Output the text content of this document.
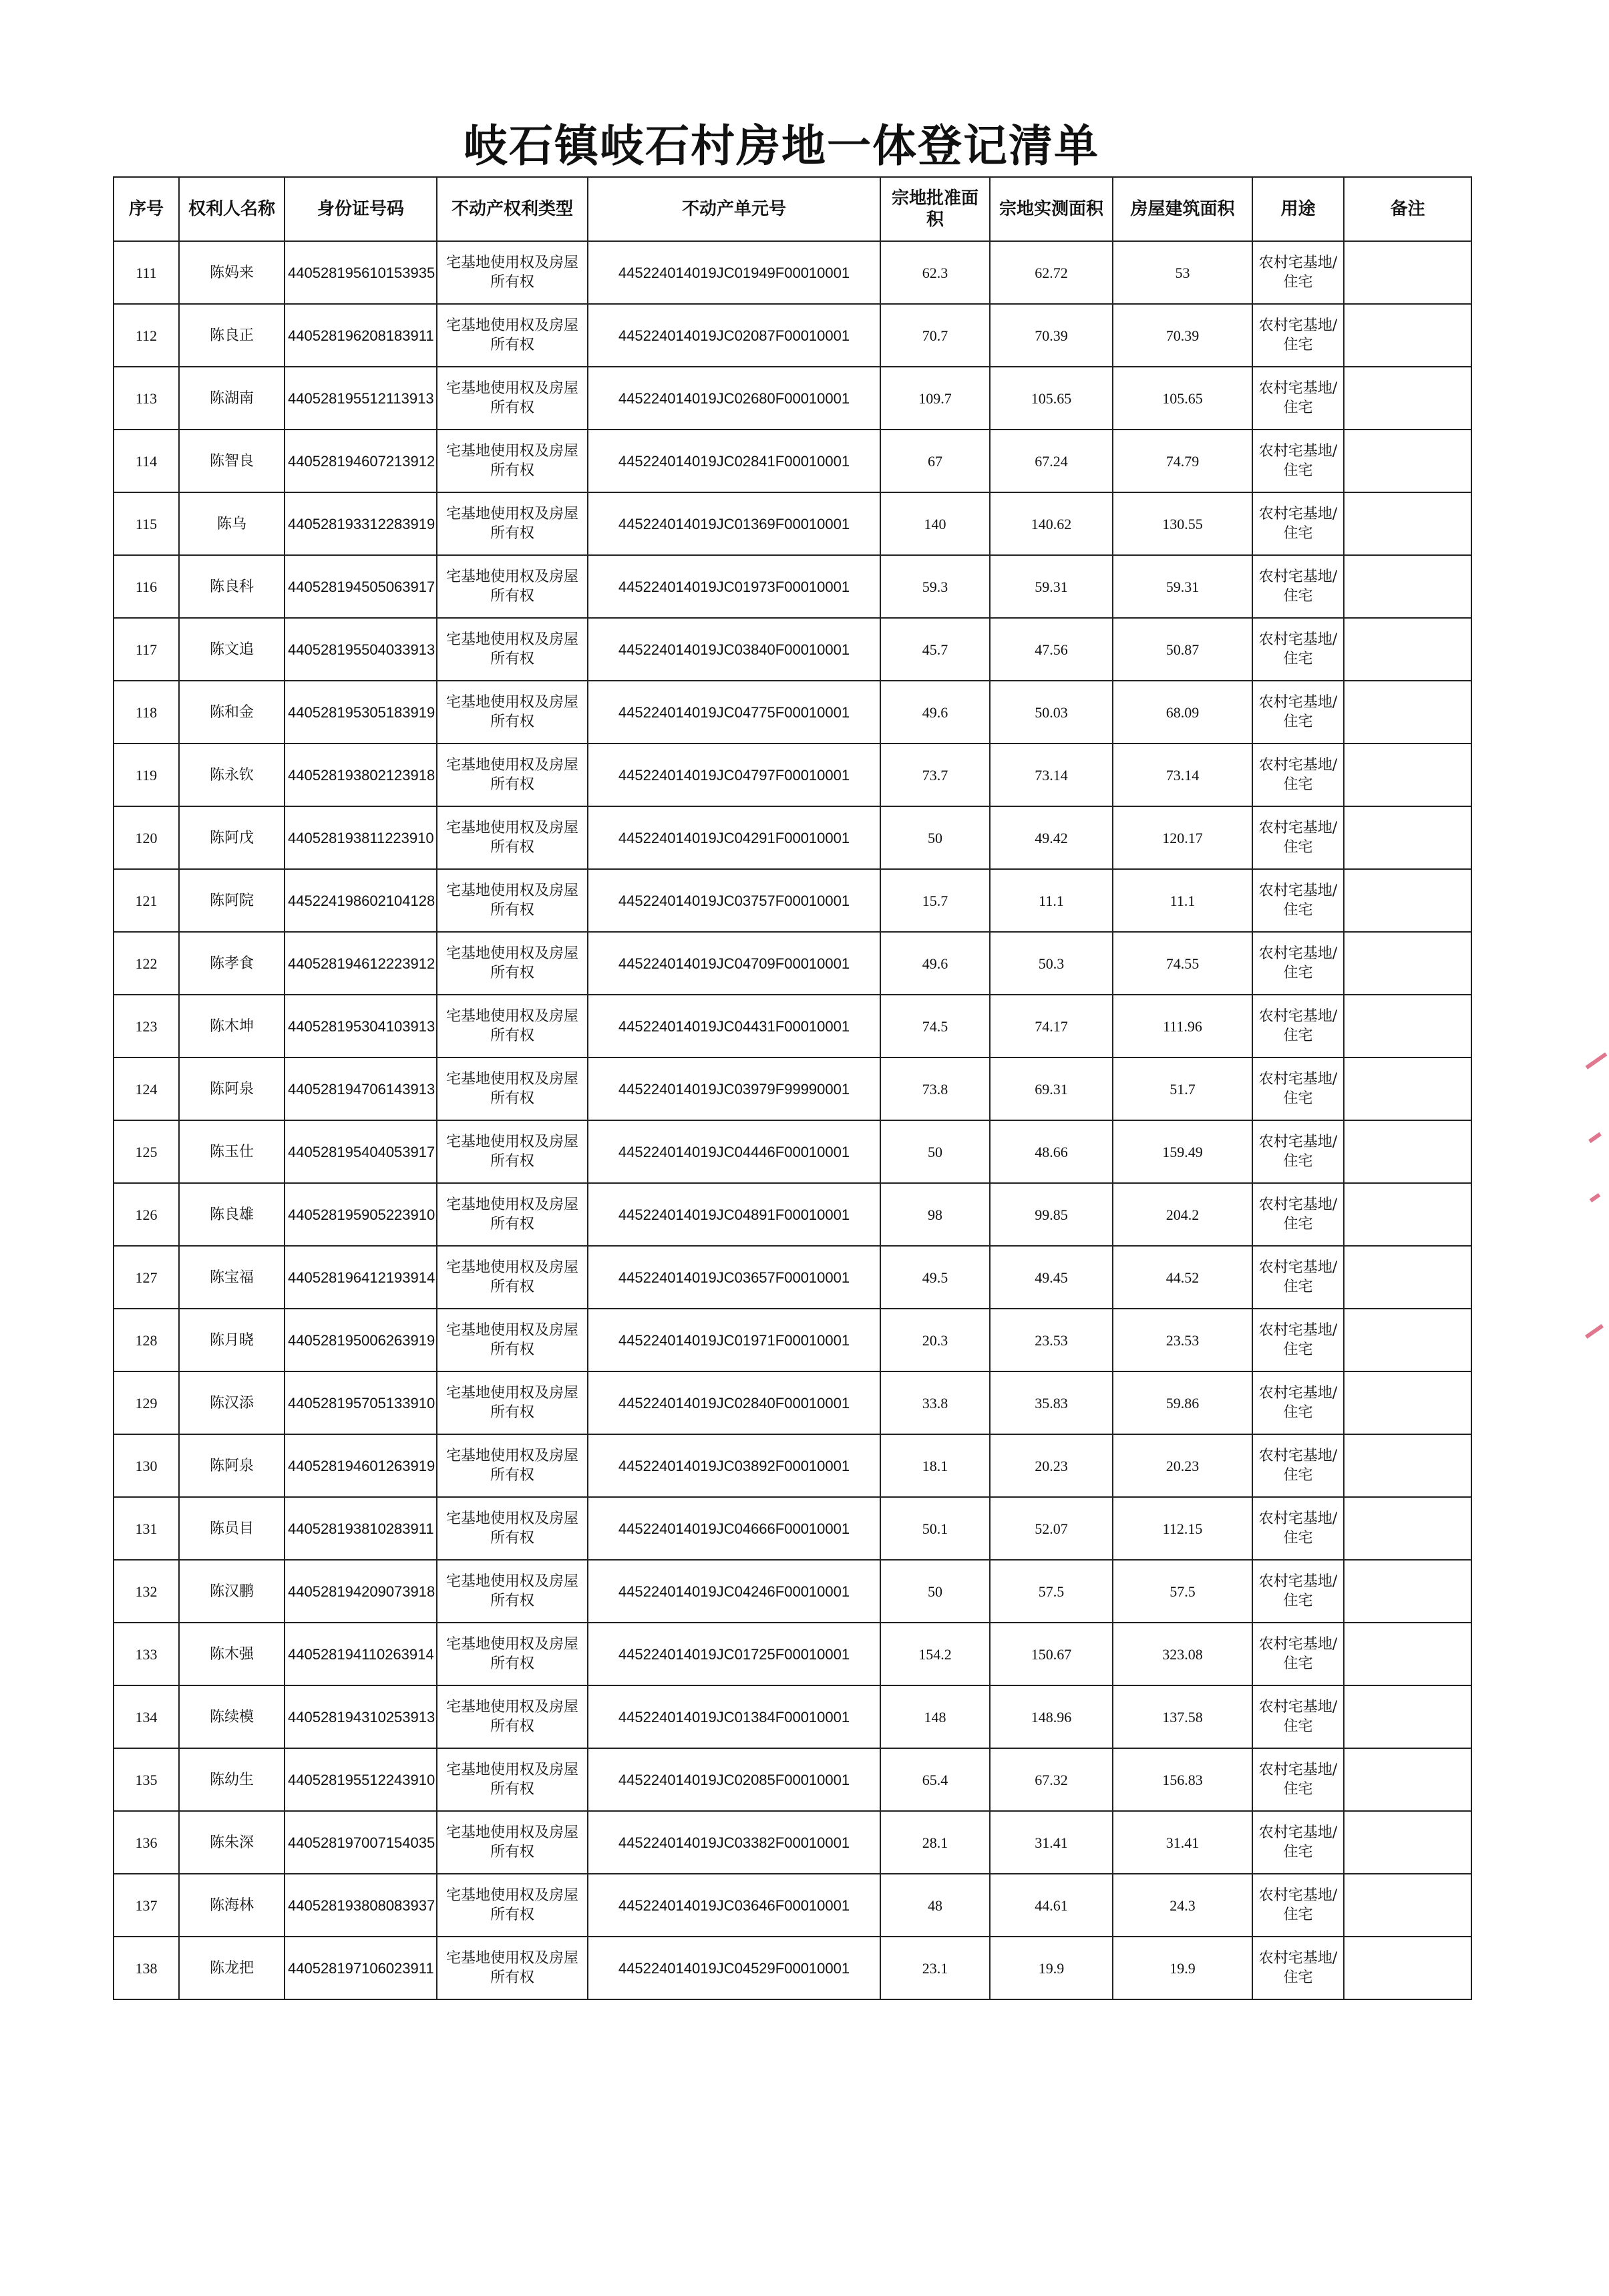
岐石镇岐石村房地一体登记清单
序号	权利人名称	身份证号码	不动产权利类型	不动产单元号	宗地批准面积	宗地实测面积	房屋建筑面积	用途	备注
111	陈妈来	440528195610153935	宅基地使用权及房屋所有权	445224014019JC01949F00010001	62.3	62.72	53	农村宅基地/住宅	
112	陈良正	440528196208183911	宅基地使用权及房屋所有权	445224014019JC02087F00010001	70.7	70.39	70.39	农村宅基地/住宅	
113	陈湖南	440528195512113913	宅基地使用权及房屋所有权	445224014019JC02680F00010001	109.7	105.65	105.65	农村宅基地/住宅	
114	陈智良	440528194607213912	宅基地使用权及房屋所有权	445224014019JC02841F00010001	67	67.24	74.79	农村宅基地/住宅	
115	陈乌	440528193312283919	宅基地使用权及房屋所有权	445224014019JC01369F00010001	140	140.62	130.55	农村宅基地/住宅	
116	陈良科	440528194505063917	宅基地使用权及房屋所有权	445224014019JC01973F00010001	59.3	59.31	59.31	农村宅基地/住宅	
117	陈文追	440528195504033913	宅基地使用权及房屋所有权	445224014019JC03840F00010001	45.7	47.56	50.87	农村宅基地/住宅	
118	陈和金	440528195305183919	宅基地使用权及房屋所有权	445224014019JC04775F00010001	49.6	50.03	68.09	农村宅基地/住宅	
119	陈永钦	440528193802123918	宅基地使用权及房屋所有权	445224014019JC04797F00010001	73.7	73.14	73.14	农村宅基地/住宅	
120	陈阿戊	440528193811223910	宅基地使用权及房屋所有权	445224014019JC04291F00010001	50	49.42	120.17	农村宅基地/住宅	
121	陈阿院	445224198602104128	宅基地使用权及房屋所有权	445224014019JC03757F00010001	15.7	11.1	11.1	农村宅基地/住宅	
122	陈孝食	440528194612223912	宅基地使用权及房屋所有权	445224014019JC04709F00010001	49.6	50.3	74.55	农村宅基地/住宅	
123	陈木坤	440528195304103913	宅基地使用权及房屋所有权	445224014019JC04431F00010001	74.5	74.17	111.96	农村宅基地/住宅	
124	陈阿泉	440528194706143913	宅基地使用权及房屋所有权	445224014019JC03979F99990001	73.8	69.31	51.7	农村宅基地/住宅	
125	陈玉仕	440528195404053917	宅基地使用权及房屋所有权	445224014019JC04446F00010001	50	48.66	159.49	农村宅基地/住宅	
126	陈良雄	440528195905223910	宅基地使用权及房屋所有权	445224014019JC04891F00010001	98	99.85	204.2	农村宅基地/住宅	
127	陈宝福	440528196412193914	宅基地使用权及房屋所有权	445224014019JC03657F00010001	49.5	49.45	44.52	农村宅基地/住宅	
128	陈月晓	440528195006263919	宅基地使用权及房屋所有权	445224014019JC01971F00010001	20.3	23.53	23.53	农村宅基地/住宅	
129	陈汉添	440528195705133910	宅基地使用权及房屋所有权	445224014019JC02840F00010001	33.8	35.83	59.86	农村宅基地/住宅	
130	陈阿泉	440528194601263919	宅基地使用权及房屋所有权	445224014019JC03892F00010001	18.1	20.23	20.23	农村宅基地/住宅	
131	陈员目	440528193810283911	宅基地使用权及房屋所有权	445224014019JC04666F00010001	50.1	52.07	112.15	农村宅基地/住宅	
132	陈汉鹏	440528194209073918	宅基地使用权及房屋所有权	445224014019JC04246F00010001	50	57.5	57.5	农村宅基地/住宅	
133	陈木强	440528194110263914	宅基地使用权及房屋所有权	445224014019JC01725F00010001	154.2	150.67	323.08	农村宅基地/住宅	
134	陈续模	440528194310253913	宅基地使用权及房屋所有权	445224014019JC01384F00010001	148	148.96	137.58	农村宅基地/住宅	
135	陈幼生	440528195512243910	宅基地使用权及房屋所有权	445224014019JC02085F00010001	65.4	67.32	156.83	农村宅基地/住宅	
136	陈朱深	440528197007154035	宅基地使用权及房屋所有权	445224014019JC03382F00010001	28.1	31.41	31.41	农村宅基地/住宅	
137	陈海林	440528193808083937	宅基地使用权及房屋所有权	445224014019JC03646F00010001	48	44.61	24.3	农村宅基地/住宅	
138	陈龙把	440528197106023911	宅基地使用权及房屋所有权	445224014019JC04529F00010001	23.1	19.9	19.9	农村宅基地/住宅	
